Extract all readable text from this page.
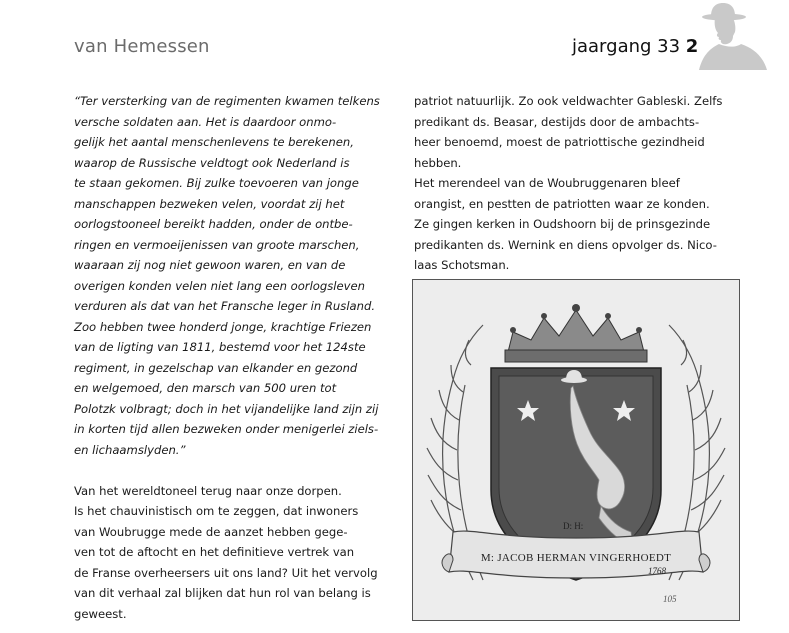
van Hemessen	jaargang 33 2
“Ter versterking van de regimenten kwamen telkens
versche soldaten aan. Het is daardoor onmo-
gelijk het aantal menschenlevens te berekenen,
waarop de Russische veldtogt ook Nederland is
te staan gekomen. Bij zulke toevoeren van jonge
manschappen bezweken velen, voordat zij het
oorlogstooneel bereikt hadden, onder de ontbe-
ringen en vermoeijenissen van groote marschen,
waaraan zij nog niet gewoon waren, en van de
overigen konden velen niet lang een oorlogsleven
verduren als dat van het Fransche leger in Rusland.
Zoo hebben twee honderd jonge, krachtige Friezen
van de ligting van 1811, bestemd voor het 124ste
regiment, in gezelschap van elkander en gezond
en welgemoed, den marsch van 500 uren tot
Polotzk volbragt; doch in het vijandelijke land zijn zij
in korten tijd allen bezweken onder menigerlei ziels-
en lichaamslyden.”
Van het wereldtoneel terug naar onze dorpen.
Is het chauvinistisch om te zeggen, dat inwoners
van Woubrugge mede de aanzet hebben gege-
ven tot de aftocht en het definitieve vertrek van
de Franse overheersers uit ons land? Uit het vervolg
van dit verhaal zal blijken dat hun rol van belang is
geweest.
patriot natuurlijk. Zo ook veldwachter Gableski. Zelfs
predikant ds. Beasar, destijds door de ambachts-
heer benoemd, moest de patriottische gezindheid
hebben.
Het merendeel van de Woubruggenaren bleef
orangist, en pestten de patriotten waar ze konden.
Ze gingen kerken in Oudshoorn bij de prinsgezinde
predikanten ds. Wernink en diens opvolger ds. Nico-
laas Schotsman.
D: H:
M: JACOB HERMAN VINGERHOEDT
1768
105
